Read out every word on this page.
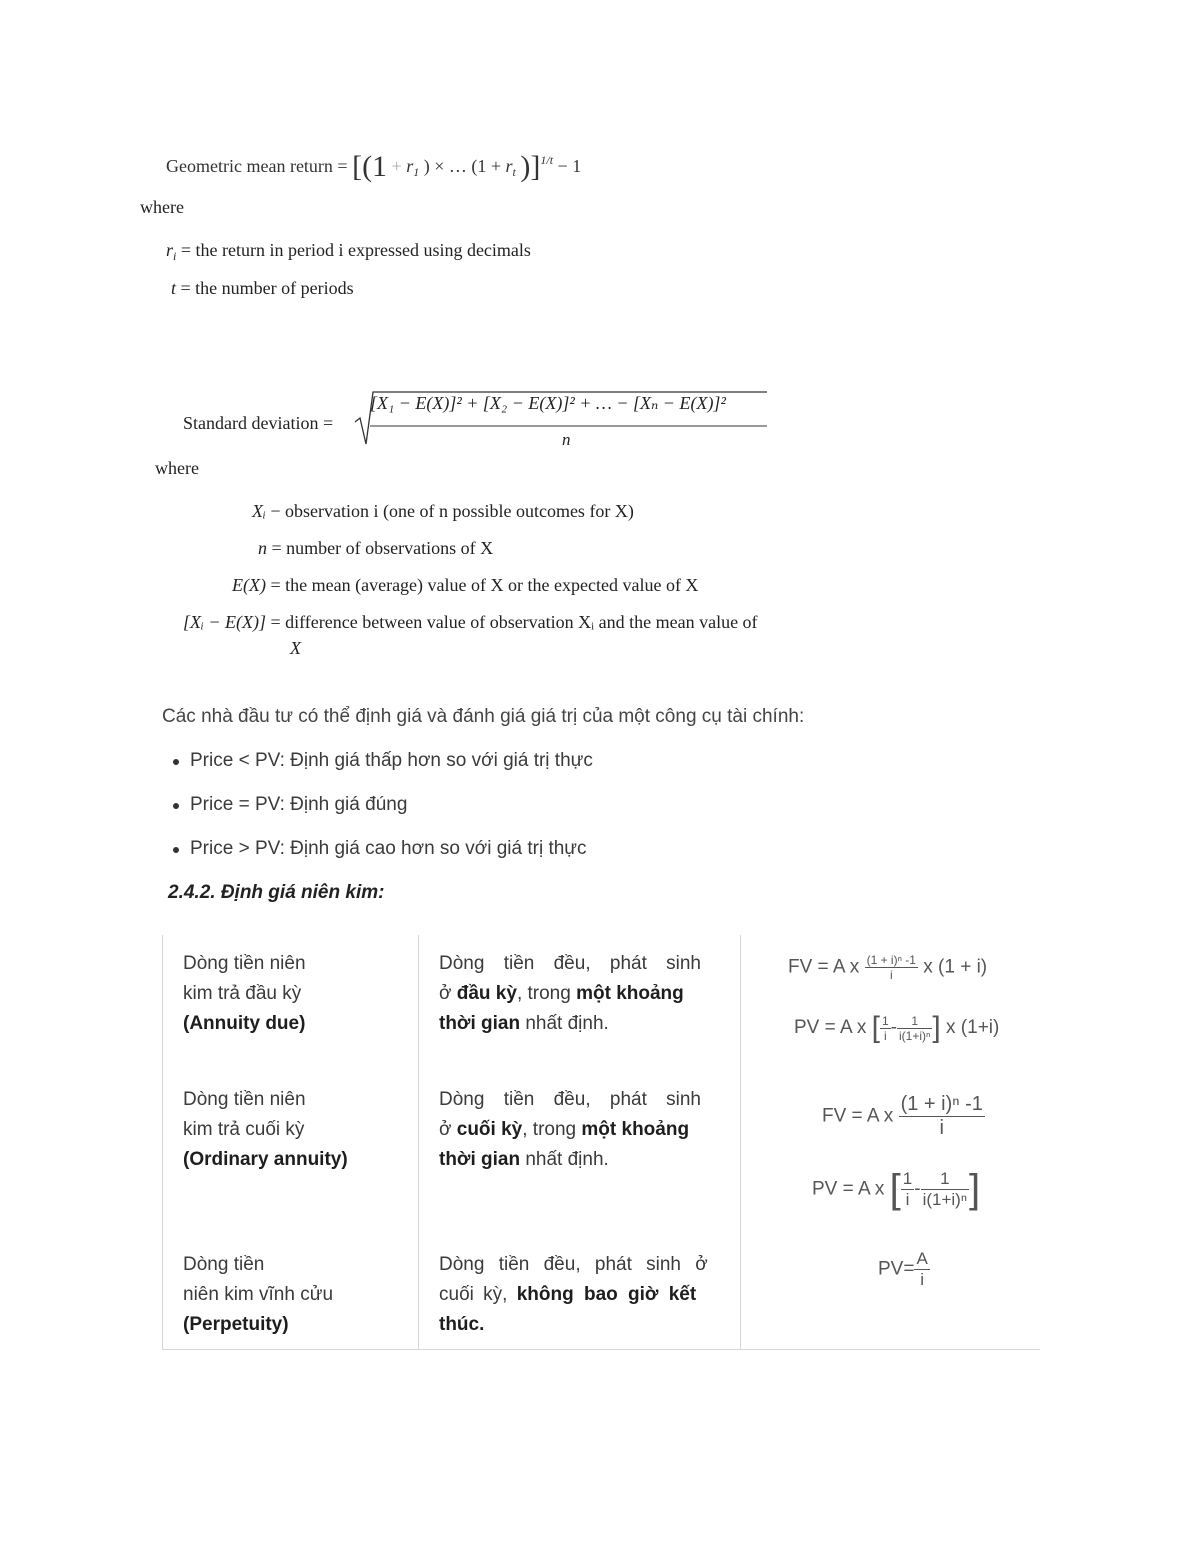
Geometric mean return = [($1 + r_1$ ) × … ($1 + r_t$ )]$^{1/t}$ − 1
where
$r_i$ = the return in period i expressed using decimals
t = the number of periods
Standard deviation =
[X₁ − E(X)]² + [X₂ − E(X)]² + … − [Xₙ − E(X)]²
n
where
Xᵢ − observation i (one of n possible outcomes for X)
n = number of observations of X
E(X) = the mean (average) value of X or the expected value of X
[Xᵢ − E(X)] = difference between value of observation Xᵢ and the mean value of
X
Các nhà đầu tư có thể định giá và đánh giá giá trị của một công cụ tài chính:
Price < PV: Định giá thấp hơn so với giá trị thực
Price = PV: Định giá đúng
Price > PV: Định giá cao hơn so với giá trị thực
2.4.2. Định giá niên kim:
Dòng tiền niên
kim trả đầu kỳ
(Annuity due)
Dòng tiền đều, phát sinh
ở đầu kỳ, trong một khoảng
thời gian nhất định.
FV = A x $\frac{\text{(1 + i)ⁿ -1}}{i}$ x (1 + i)
PV = A x [ $\frac{1}{i} - \frac{1}{\text{i(1+i)ⁿ}}$ ] x (1+i)
Dòng tiền niên
kim trả cuối kỳ
(Ordinary annuity)
Dòng tiền đều, phát sinh
ở cuối kỳ, trong một khoảng
thời gian nhất định.
FV = A x $\frac{\text{(1 + i)ⁿ -1}}{i}$
PV = A x [ $\frac{1}{i} - \frac{1}{\text{i(1+i)ⁿ}}$ ]
Dòng tiền
niên kim vĩnh cửu
(Perpetuity)
Dòng tiền đều, phát sinh ở
cuối kỳ, không bao giờ kết
thúc.
$PV= \frac{A}{i}$
